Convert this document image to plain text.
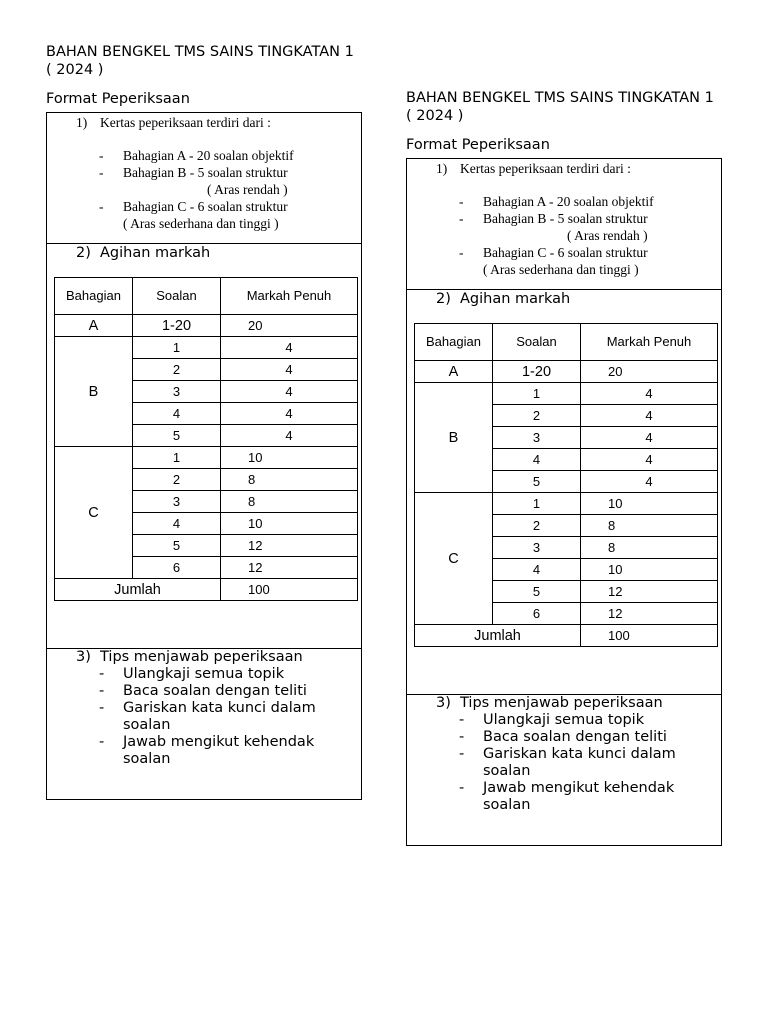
BAHAN BENGKEL TMS SAINS TINGKATAN 1 ( 2024 )
Format Peperiksaan
1) Kertas peperiksaan terdiri dari :
- Bahagian A - 20 soalan objektif
- Bahagian B - 5 soalan struktur
( Aras rendah )
- Bahagian C - 6 soalan struktur
( Aras sederhana dan tinggi )
2) Agihan markah
Bahagian	Soalan	Markah Penuh
A	1-20	20
B	1	4
	2	4
	3	4
	4	4
	5	4
C	1	10
	2	8
	3	8
	4	10
	5	12
	6	12
Jumlah		100
3) Tips menjawab peperiksaan
- Ulangkaji semua topik
- Baca soalan dengan teliti
- Gariskan kata kunci dalam soalan
- Jawab mengikut kehendak soalan
BAHAN BENGKEL TMS SAINS TINGKATAN 1 ( 2024 )
Format Peperiksaan
1) Kertas peperiksaan terdiri dari :
- Bahagian A - 20 soalan objektif
- Bahagian B - 5 soalan struktur
( Aras rendah )
- Bahagian C - 6 soalan struktur
( Aras sederhana dan tinggi )
2) Agihan markah
Bahagian	Soalan	Markah Penuh
A	1-20	20
B	1	4
	2	4
	3	4
	4	4
	5	4
C	1	10
	2	8
	3	8
	4	10
	5	12
	6	12
Jumlah		100
3) Tips menjawab peperiksaan
- Ulangkaji semua topik
- Baca soalan dengan teliti
- Gariskan kata kunci dalam soalan
- Jawab mengikut kehendak soalan
